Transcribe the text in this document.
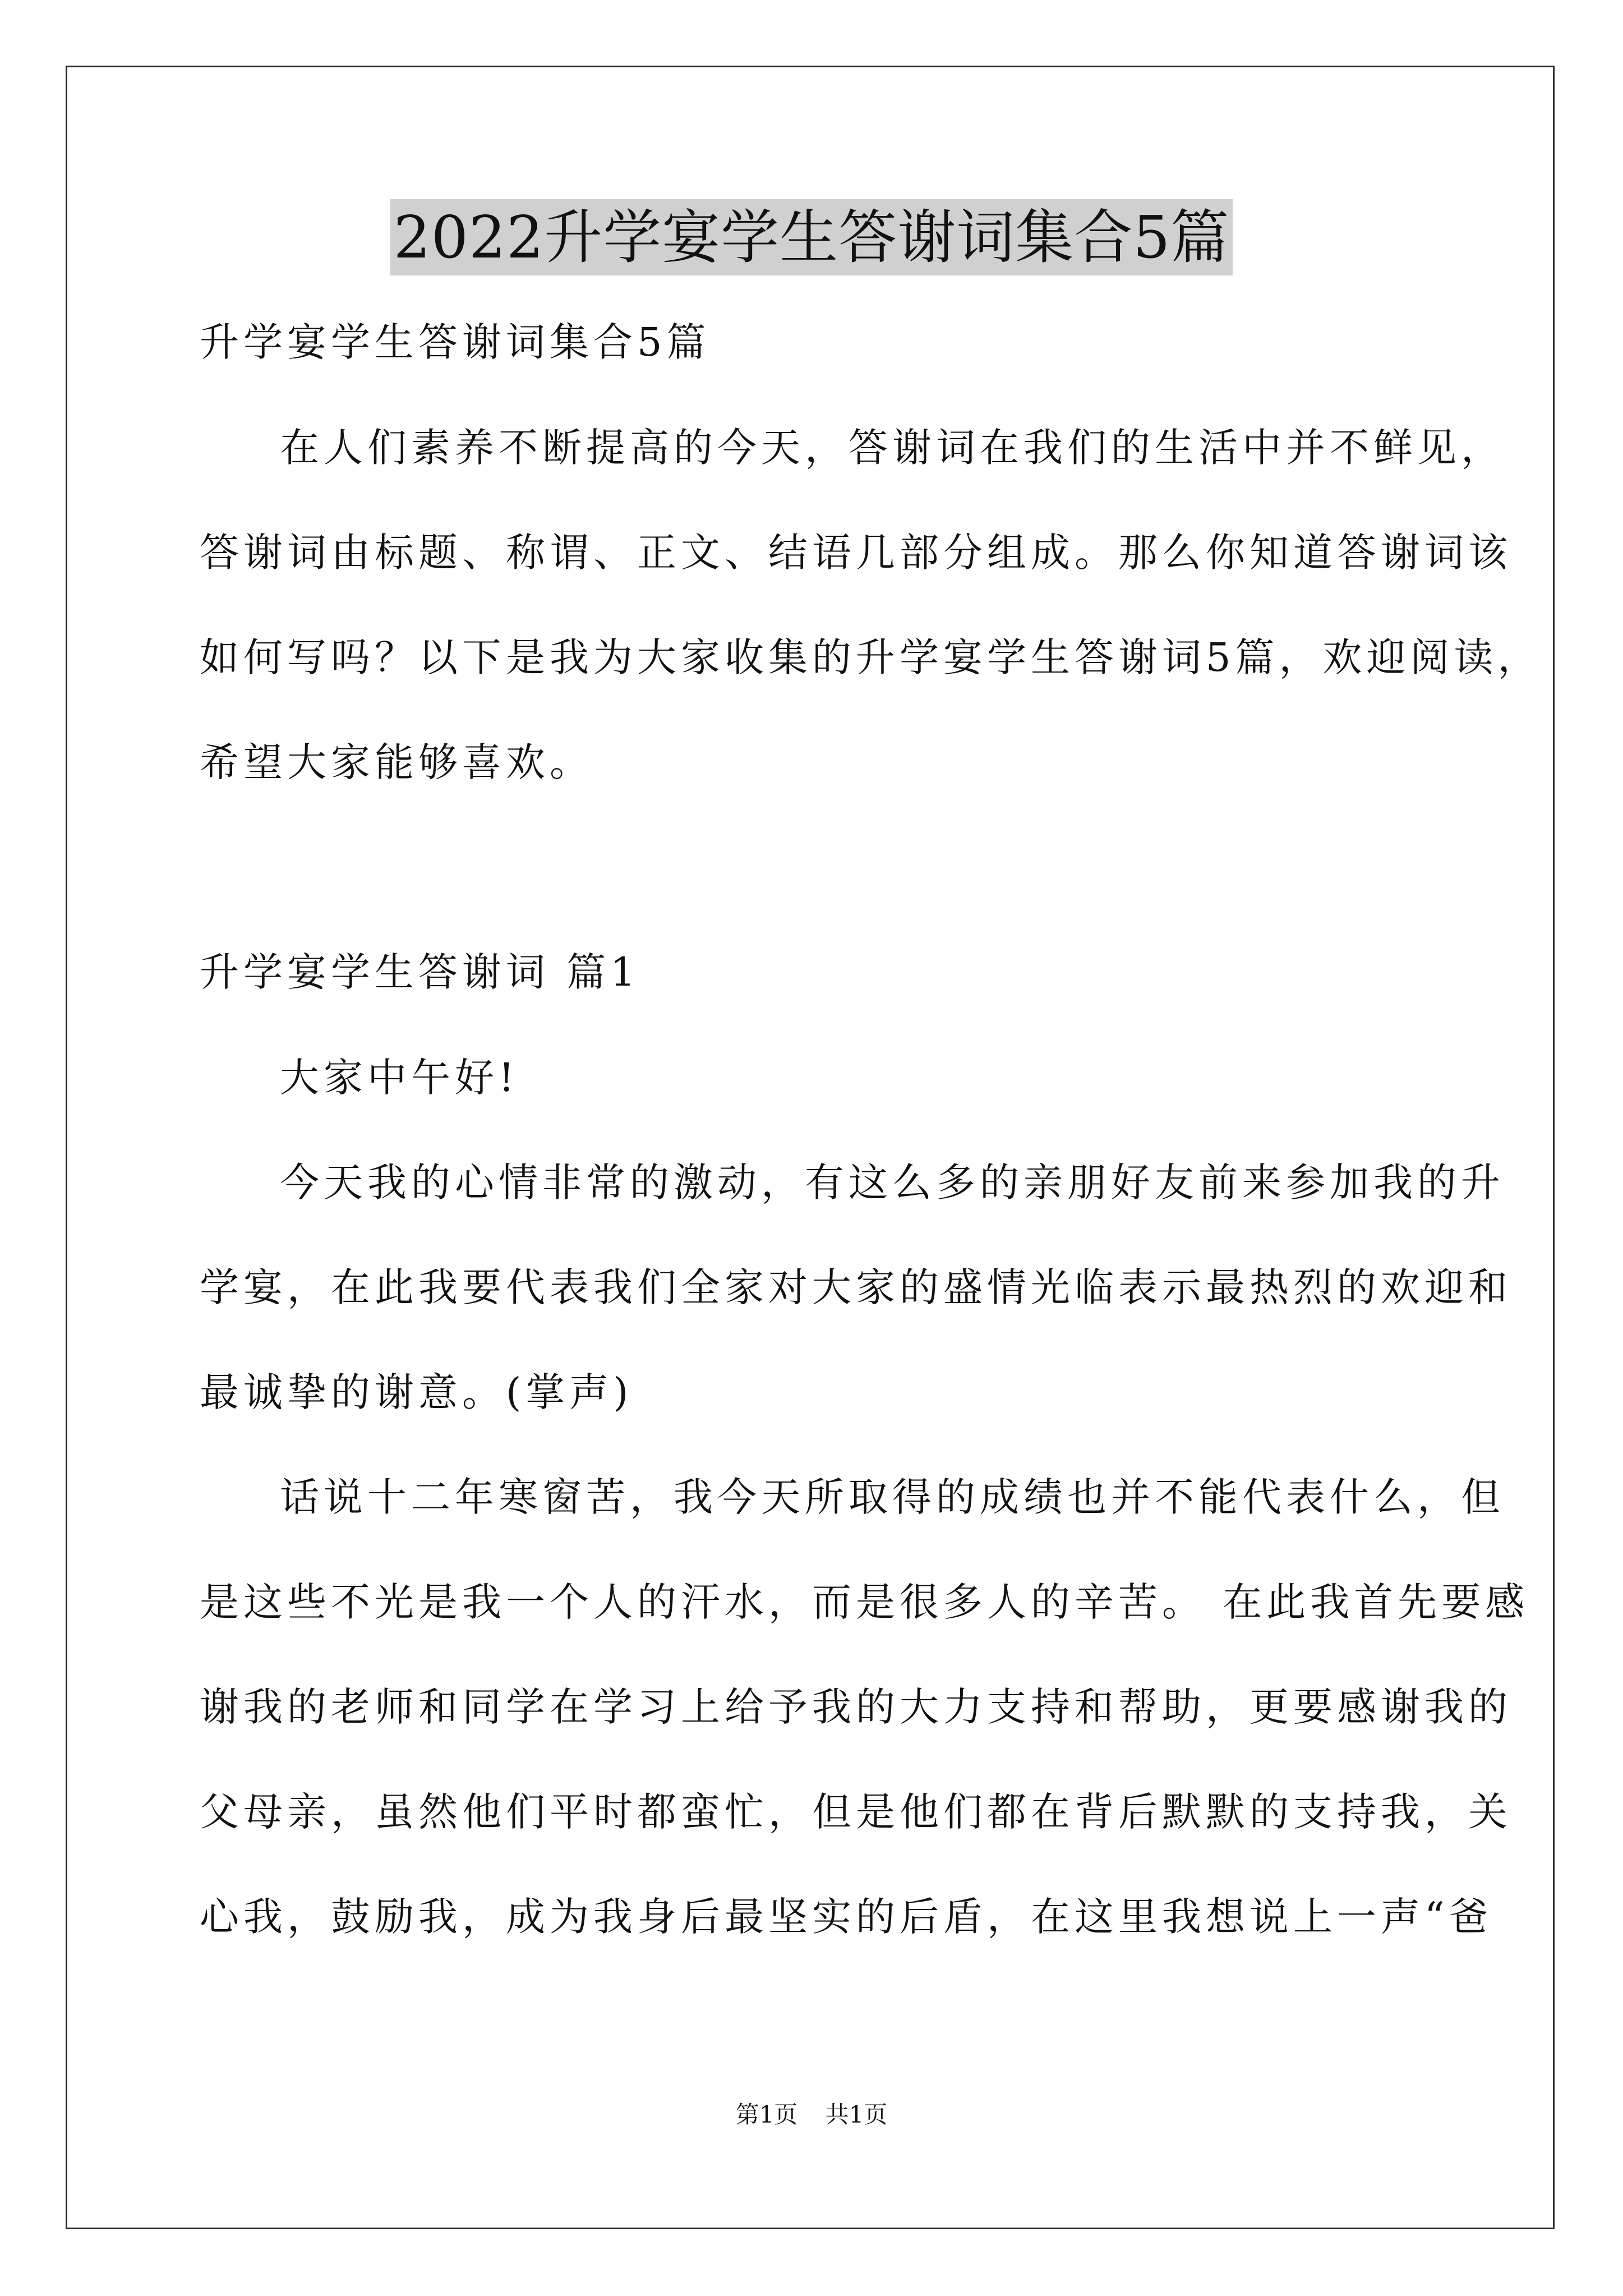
2022升学宴学生答谢词集合5篇
升学宴学生答谢词集合5篇
在人们素养不断提高的今天，答谢词在我们的生活中并不鲜见，
答谢词由标题、称谓、正文、结语几部分组成。那么你知道答谢词该
如何写吗？以下是我为大家收集的升学宴学生答谢词5篇，欢迎阅读，
希望大家能够喜欢。
升学宴学生答谢词 篇1
大家中午好!
今天我的心情非常的激动，有这么多的亲朋好友前来参加我的升
学宴，在此我要代表我们全家对大家的盛情光临表示最热烈的欢迎和
最诚挚的谢意。(掌声)
话说十二年寒窗苦，我今天所取得的成绩也并不能代表什么，但
是这些不光是我一个人的汗水，而是很多人的辛苦。 在此我首先要感
谢我的老师和同学在学习上给予我的大力支持和帮助，更要感谢我的
父母亲，虽然他们平时都蛮忙，但是他们都在背后默默的支持我，关
心我，鼓励我，成为我身后最坚实的后盾，在这里我想说上一声“爸
第1页 共1页
